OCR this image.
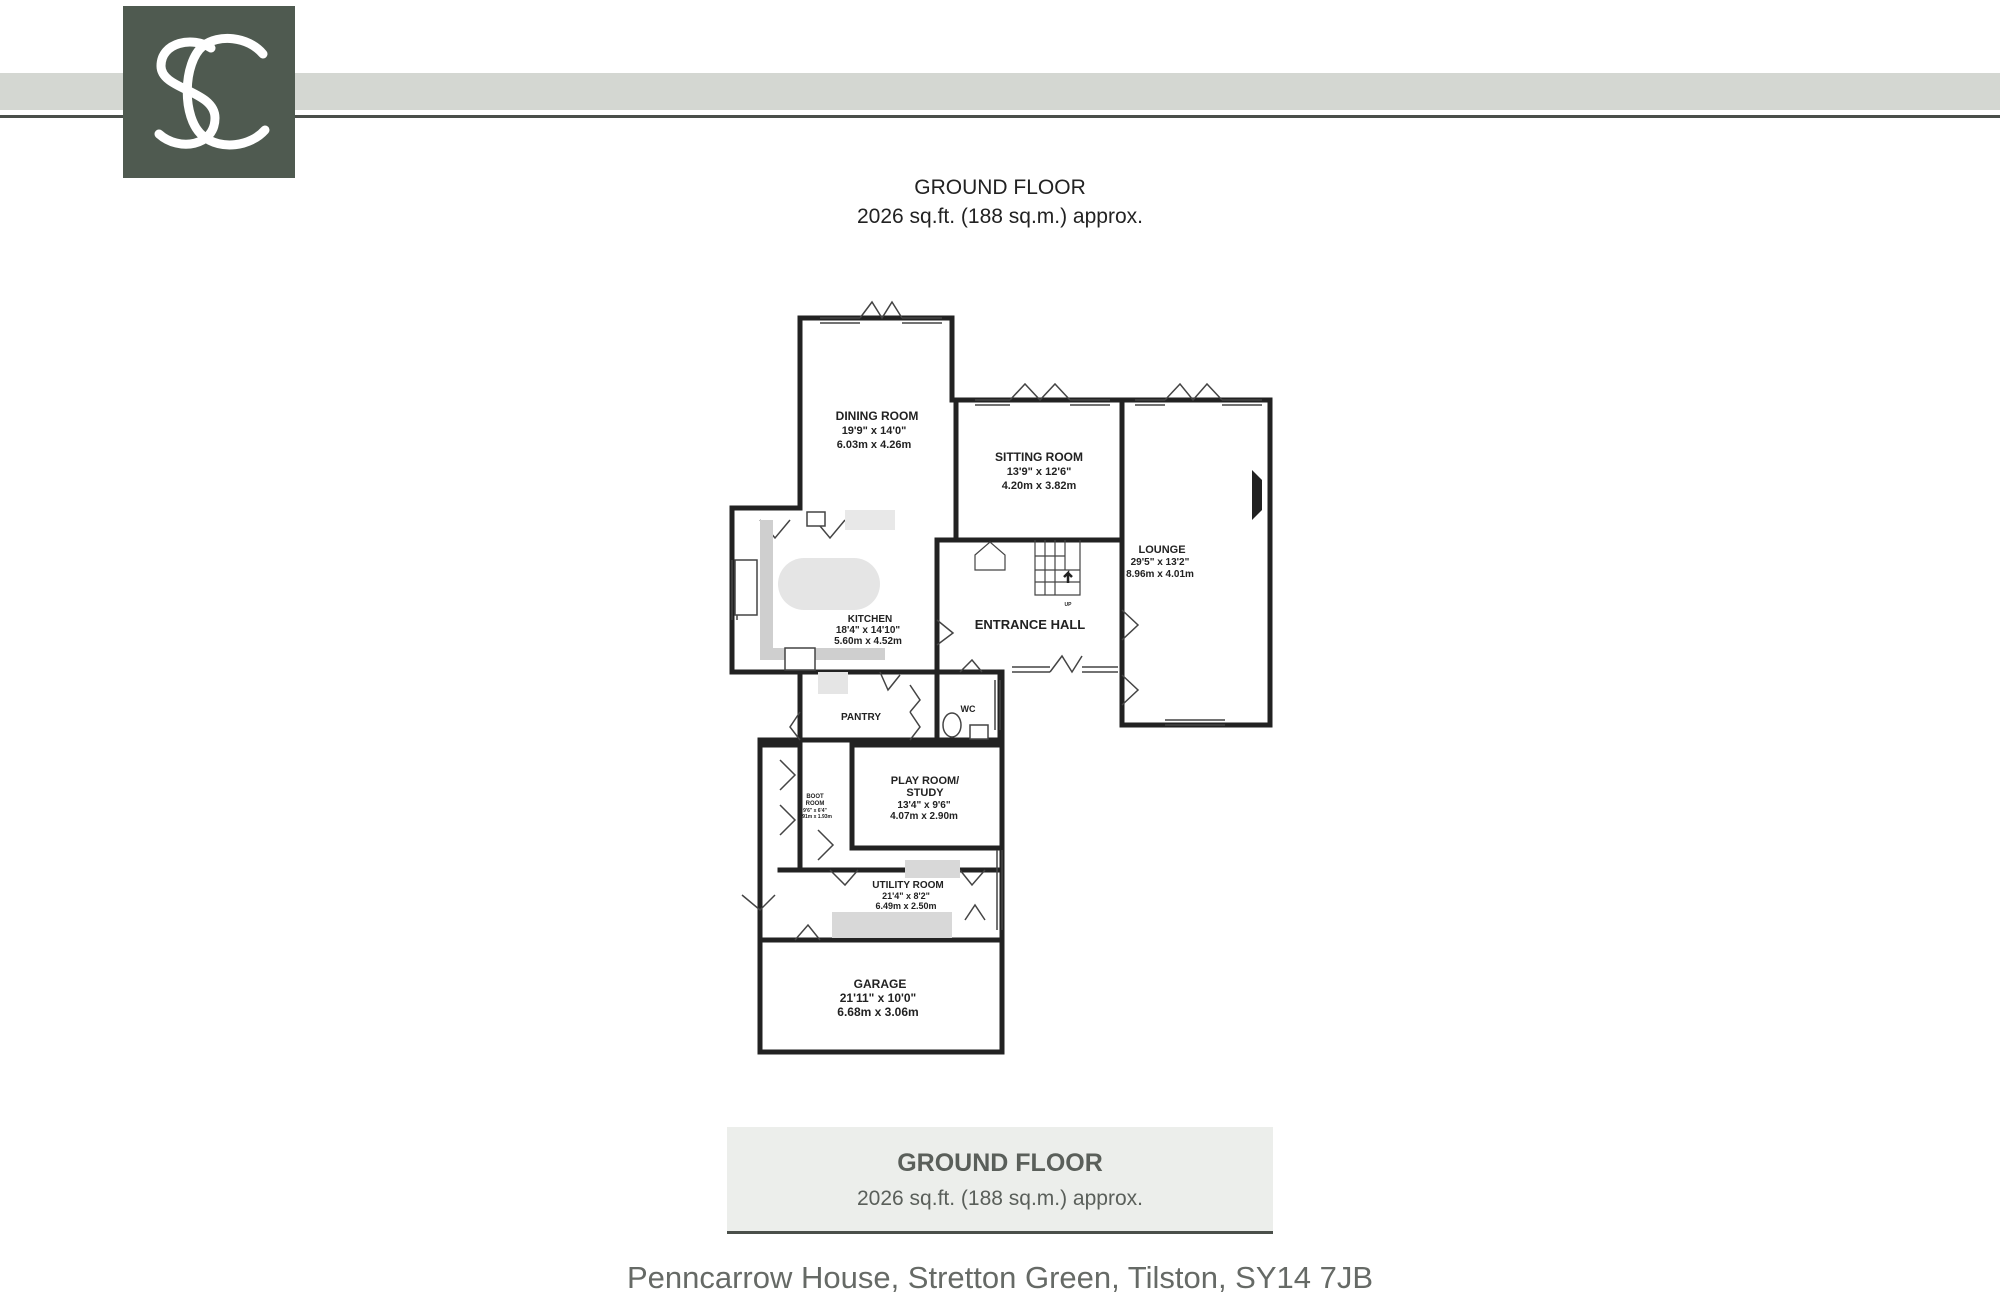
GROUND FLOOR
2026 sq.ft. (188 sq.m.) approx.
DINING ROOM
19'9" x 14'0"
6.03m x 4.26m
SITTING ROOM
13'9" x 12'6"
4.20m x 3.82m
LOUNGE
29'5" x 13'2"
8.96m x 4.01m
KITCHEN
18'4" x 14'10"
5.60m x 4.52m
ENTRANCE HALL
UP
WC
PANTRY
BOOT
ROOM
9'6" x 6'4"
2.91m x 1.93m
PLAY ROOM/
STUDY
13'4" x 9'6"
4.07m x 2.90m
UTILITY ROOM
21'4" x 8'2"
6.49m x 2.50m
GARAGE
21'11" x 10'0"
6.68m x 3.06m
GROUND FLOOR
2026 sq.ft. (188 sq.m.) approx.
Penncarrow House, Stretton Green, Tilston, SY14 7JB
